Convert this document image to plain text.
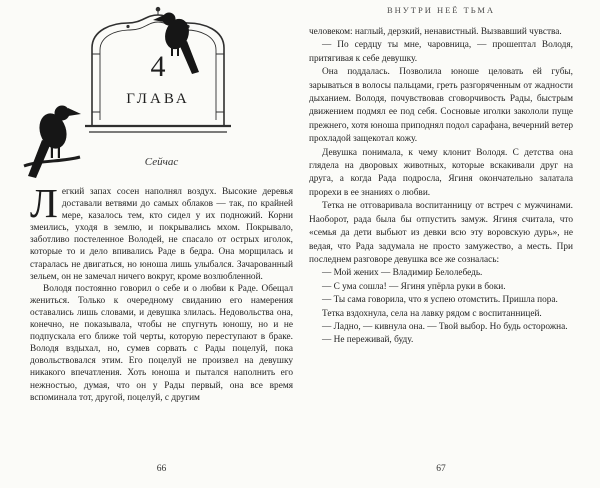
ВНУТРИ НЕЁ ТЬМА
4
ГЛАВА
Сейчас

Легкий запах сосен наполнял воздух. Высокие деревья доставали ветвями до самых облаков — так, по крайней мере, казалось тем, кто сидел у их подножий. Корни змеились, уходя в землю, и покрывались мхом. Покрывало, заботливо постеленное Володей, не спасало от острых иголок, которые то и дело впивались Раде в бедра. Она морщилась и старалась не двигаться, но юноша лишь улыбался. Зачарованный зельем, он не замечал ничего вокруг, кроме возлюбленной.

Володя постоянно говорил о себе и о любви к Раде. Обещал жениться. Только к очередному свиданию его намерения оставались лишь словами, и девушка злилась. Недовольства она, конечно, не показывала, чтобы не спугнуть юношу, но и не подпускала его ближе той черты, которую переступают в браке. Володя вздыхал, но, сумев сорвать с Рады поцелуй, пока довольствовался этим. Его поцелуй не произвел на девушку никакого впечатления. Хоть юноша и пытался наполнить его нежностью, думая, что он у Рады первый, она все время вспоминала тот, другой, поцелуй, с другим

человеком: наглый, дерзкий, ненавистный. Вызвавший чувства.

— По сердцу ты мне, чаровница, — прошептал Володя, притягивая к себе девушку.

Она поддалась. Позволила юноше целовать ей губы, зарываться в волосы пальцами, греть разгоряченным от жадности дыханием. Володя, почувствовав сговорчивость Рады, быстрым движением подмял ее под себя. Сосновые иголки закололи пуще прежнего, хотя юноша приподнял подол сарафана, вечерний ветер прохладой защекотал кожу.

Девушка понимала, к чему клонит Володя. С детства она глядела на дворовых животных, которые вскакивали друг на друга, а когда Рада подросла, Ягиня окончательно залатала прорехи в ее знаниях о любви.

Тетка не отговаривала воспитанницу от встреч с мужчинами. Наоборот, рада была бы отпустить замуж. Ягиня считала, что «семья да дети выбьют из девки всю эту воровскую дурь», не ведая, что Рада задумала не просто замужество, а месть. При последнем разговоре девушка все же созналась:

— Мой жених — Владимир Белолебедь.

— С ума сошла! — Ягиня упёрла руки в боки.

— Ты сама говорила, что я успею отомстить. Пришла пора.

Тетка вздохнула, села на лавку рядом с воспитанницей.

— Ладно, — кивнула она. — Твой выбор. Но будь осторожна.

— Не переживай, буду.

66	67
